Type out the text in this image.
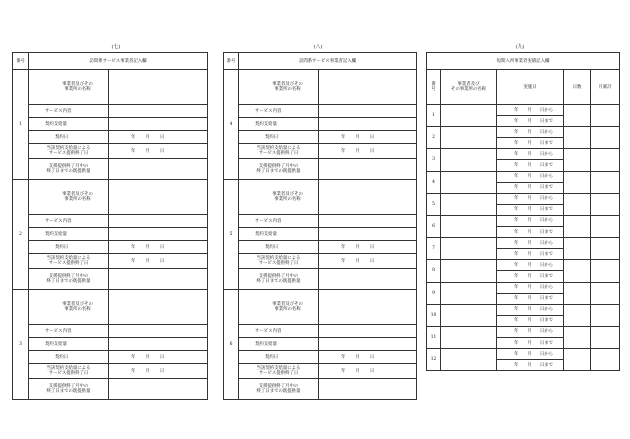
(七)	(八)	(九)
番号	訪問系サービス事業者記入欄	
1	事業者及びその
事業所の名称	
	サービス内容	
	契約支給量	
	契約日	年 月 日
	当該契約支給量による
サービス提供終了日	年 月 日
	支援提供終了月中の
終了日までの既提供量	
2	事業者及びその
事業所の名称	
	サービス内容	
	契約支給量	
	契約日	年 月 日
	当該契約支給量による
サービス提供終了日	年 月 日
	支援提供終了月中の
終了日までの既提供量	
3	事業者及びその
事業所の名称	
	サービス内容	
	契約支給量	
	契約日	年 月 日
	当該契約支給量による
サービス提供終了日	年 月 日
	支援提供終了月中の
終了日までの既提供量	
番号	訪問系サービス事業者記入欄	
4	事業者及びその
事業所の名称	
	サービス内容	
	契約支給量	
	契約日	年 月 日
	当該契約支給量による
サービス提供終了日	年 月 日
	支援提供終了月中の
終了日までの既提供量	
5	事業者及びその
事業所の名称	
	サービス内容	
	契約支給量	
	契約日	年 月 日
	当該契約支給量による
サービス提供終了日	年 月 日
	支援提供終了月中の
終了日までの既提供量	
6	事業者及びその
事業所の名称	
	サービス内容	
	契約支給量	
	契約日	年 月 日
	当該契約支給量による
サービス提供終了日	年 月 日
	支援提供終了月中の
終了日までの既提供量	
短期入所事業者実績記入欄				
番
号	事業者及び
その事業所の名称	実施日	日数	月累計
1		年 月 日から		
		年 月 日まで		
2		年 月 日から		
		年 月 日まで		
3		年 月 日から		
		年 月 日まで		
4		年 月 日から		
		年 月 日まで		
5		年 月 日から		
		年 月 日まで		
6		年 月 日から		
		年 月 日まで		
7		年 月 日から		
		年 月 日まで		
8		年 月 日から		
		年 月 日まで		
9		年 月 日から		
		年 月 日まで		
10		年 月 日から		
		年 月 日まで		
11		年 月 日から		
		年 月 日まで		
12		年 月 日から		
		年 月 日まで		
